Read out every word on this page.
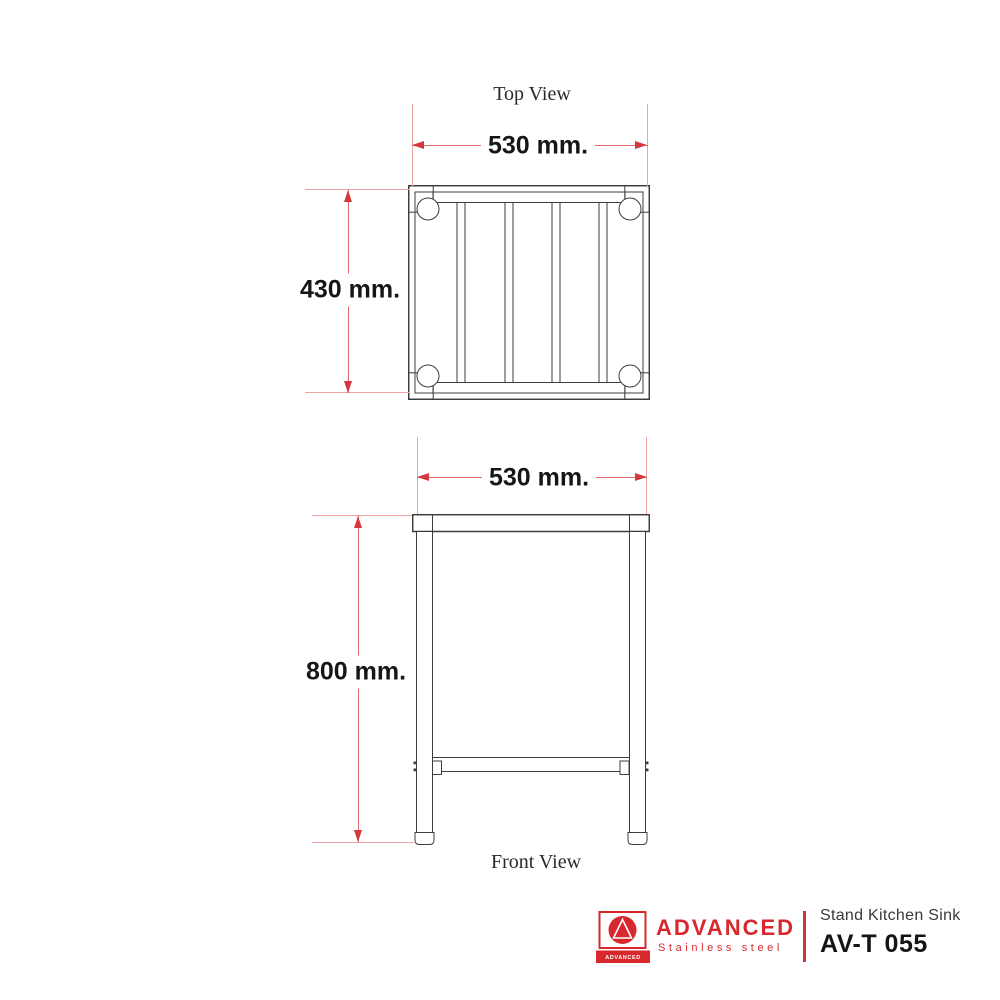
Top View
530 mm.
430 mm.
530 mm.
800 mm.
Front View
ADVANCED
ADVANCED
Stainless steel
Stand Kitchen Sink
AV-T 055
